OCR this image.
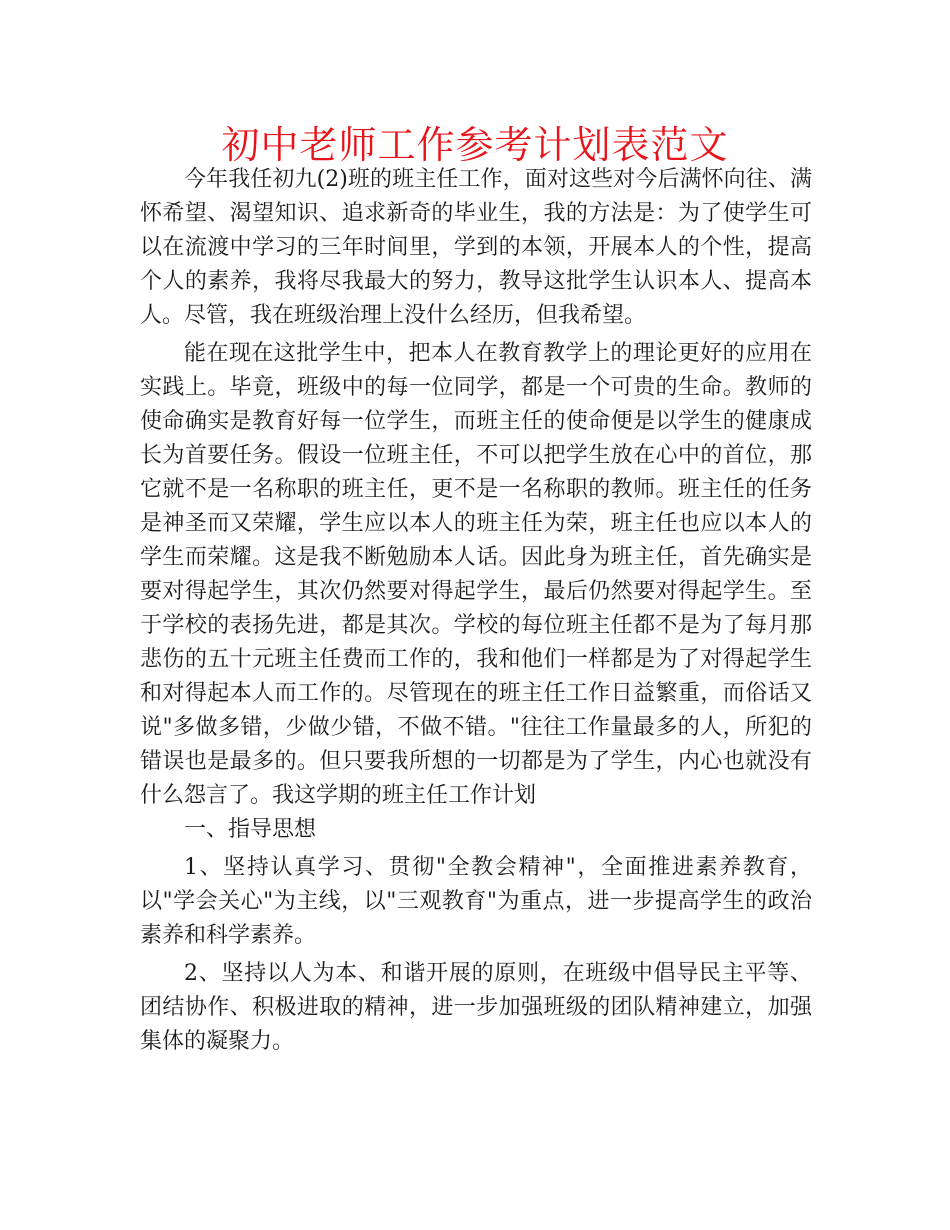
初中老师工作参考计划表范文

今年我任初九(2)班的班主任工作，面对这些对今后满怀向往、满怀希望、渴望知识、追求新奇的毕业生，我的方法是：为了使学生可以在流渡中学习的三年时间里，学到的本领，开展本人的个性，提高个人的素养，我将尽我最大的努力，教导这批学生认识本人、提高本人。尽管，我在班级治理上没什么经历，但我希望。

能在现在这批学生中，把本人在教育教学上的理论更好的应用在实践上。毕竟，班级中的每一位同学，都是一个可贵的生命。教师的使命确实是教育好每一位学生，而班主任的使命便是以学生的健康成长为首要任务。假设一位班主任，不可以把学生放在心中的首位，那它就不是一名称职的班主任，更不是一名称职的教师。班主任的任务是神圣而又荣耀，学生应以本人的班主任为荣，班主任也应以本人的学生而荣耀。这是我不断勉励本人话。因此身为班主任，首先确实是要对得起学生，其次仍然要对得起学生，最后仍然要对得起学生。至于学校的表扬先进，都是其次。学校的每位班主任都不是为了每月那悲伤的五十元班主任费而工作的，我和他们一样都是为了对得起学生和对得起本人而工作的。尽管现在的班主任工作日益繁重，而俗话又说"多做多错，少做少错，不做不错。"往往工作量最多的人，所犯的错误也是最多的。但只要我所想的一切都是为了学生，内心也就没有什么怨言了。我这学期的班主任工作计划

一、指导思想

1、坚持认真学习、贯彻"全教会精神"，全面推进素养教育，以"学会关心"为主线，以"三观教育"为重点，进一步提高学生的政治素养和科学素养。

2、坚持以人为本、和谐开展的原则，在班级中倡导民主平等、团结协作、积极进取的精神，进一步加强班级的团队精神建立，加强集体的凝聚力。
